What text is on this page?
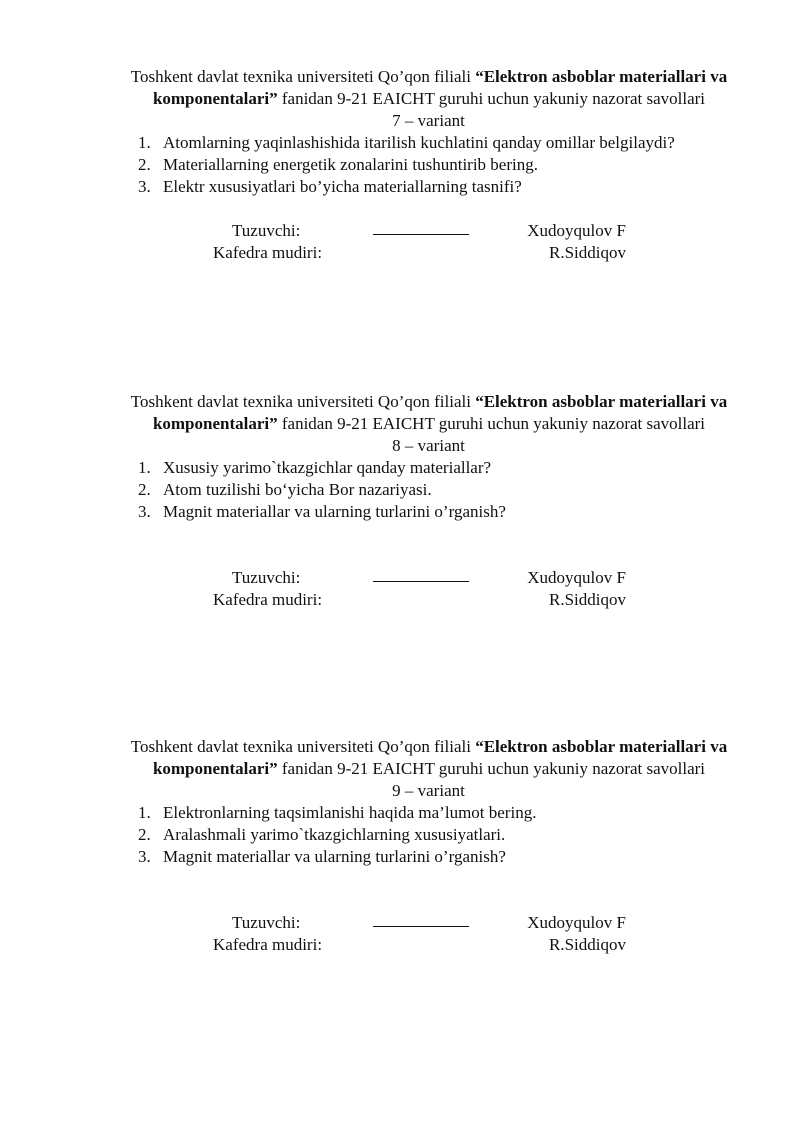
Toshkent davlat texnika universiteti Qo’qon filiali “Elektron asboblar materiallari va komponentalari” fanidan 9-21 EAICHT guruhi uchun yakuniy nazorat savollari
7 – variant
1. Atomlarning yaqinlashishida itarilish kuchlatini qanday omillar belgilaydi?
2. Materiallarning energetik zonalarini tushuntirib bering.
3. Elektr xususiyatlari bo’yicha materiallarning tasnifi?
Tuzuvchi:	Xudoyqulov F
Kafedra mudiri:	R.Siddiqov
Toshkent davlat texnika universiteti Qo’qon filiali “Elektron asboblar materiallari va komponentalari” fanidan 9-21 EAICHT guruhi uchun yakuniy nazorat savollari
8 – variant
1. Xususiy yarimo`tkazgichlar qanday materiallar?
2. Atom tuzilishi bo‘yicha Bor nazariyasi.
3. Magnit materiallar va ularning turlarini o’rganish?
Tuzuvchi:	Xudoyqulov F
Kafedra mudiri:	R.Siddiqov
Toshkent davlat texnika universiteti Qo’qon filiali “Elektron asboblar materiallari va komponentalari” fanidan 9-21 EAICHT guruhi uchun yakuniy nazorat savollari
9 – variant
1. Elektronlarning taqsimlanishi haqida ma’lumot bering.
2. Aralashmali yarimo`tkazgichlarning xususiyatlari.
3. Magnit materiallar va ularning turlarini o’rganish?
Tuzuvchi:	Xudoyqulov F
Kafedra mudiri:	R.Siddiqov
